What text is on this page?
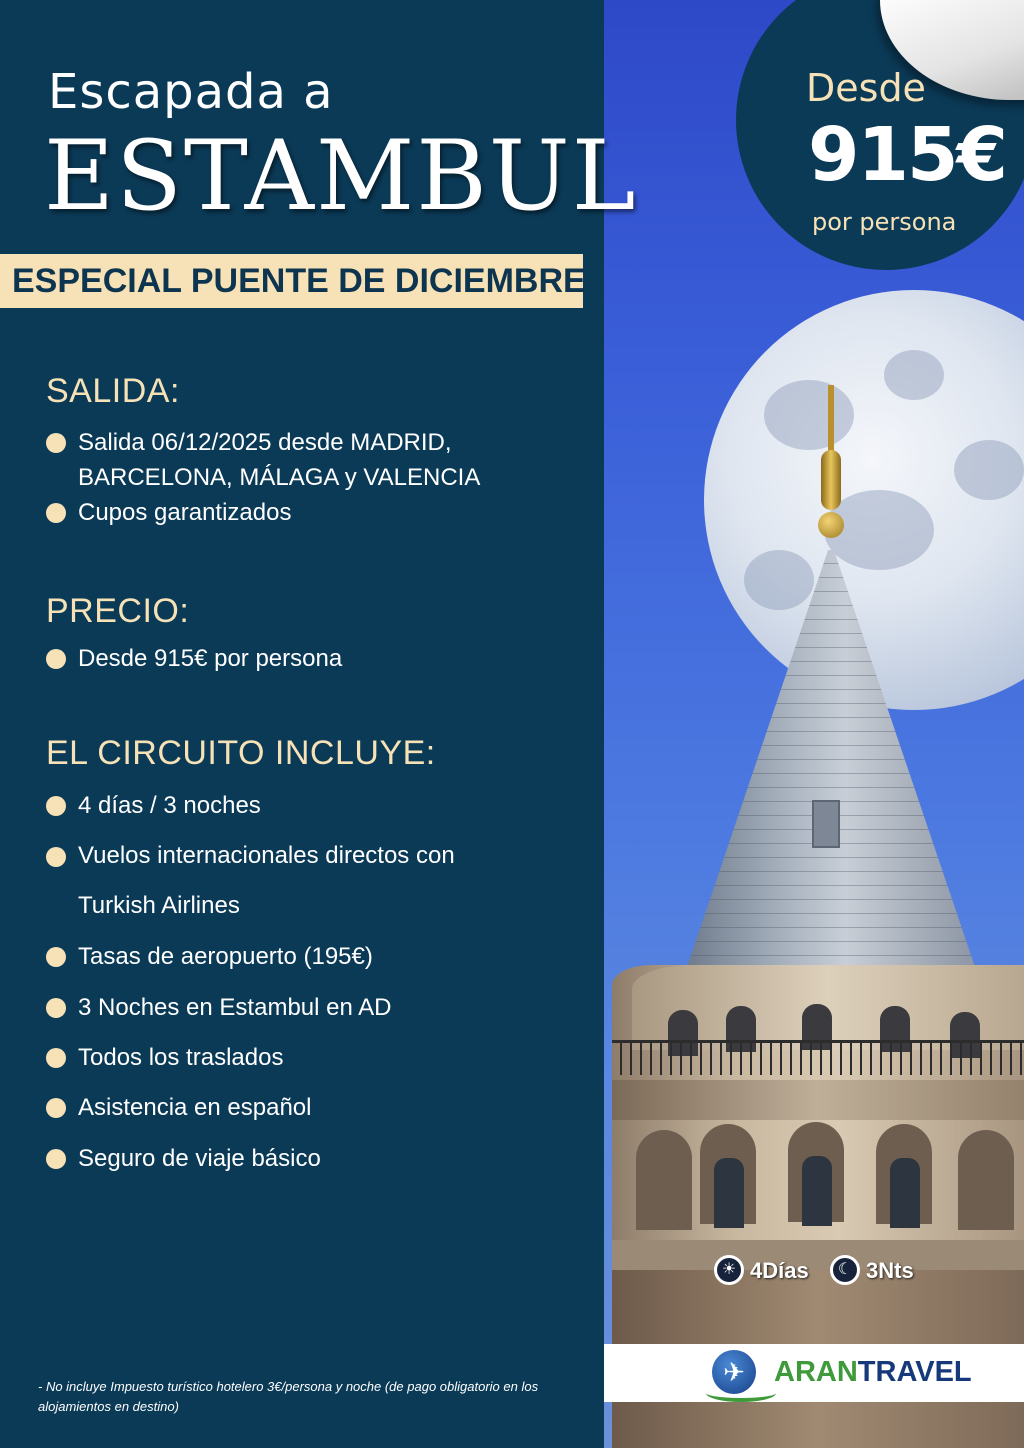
Desde
915€
por persona
Escapada a
ESTAMBUL
ESPECIAL PUENTE DE DICIEMBRE
SALIDA:
Salida 06/12/2025 desde MADRID, BARCELONA, MÁLAGA y VALENCIA
Cupos garantizados
PRECIO:
Desde 915€ por persona
EL CIRCUITO INCLUYE:
4 días / 3 noches
Vuelos internacionales directos con Turkish Airlines
Tasas de aeropuerto (195€)
3 Noches en Estambul en AD
Todos los traslados
Asistencia en español
Seguro de viaje básico
- No incluye Impuesto turístico hotelero 3€/persona y noche (de pago obligatorio en los alojamientos en destino)
☀ 4Días	☾ 3Nts
✈ ARANTRAVEL
